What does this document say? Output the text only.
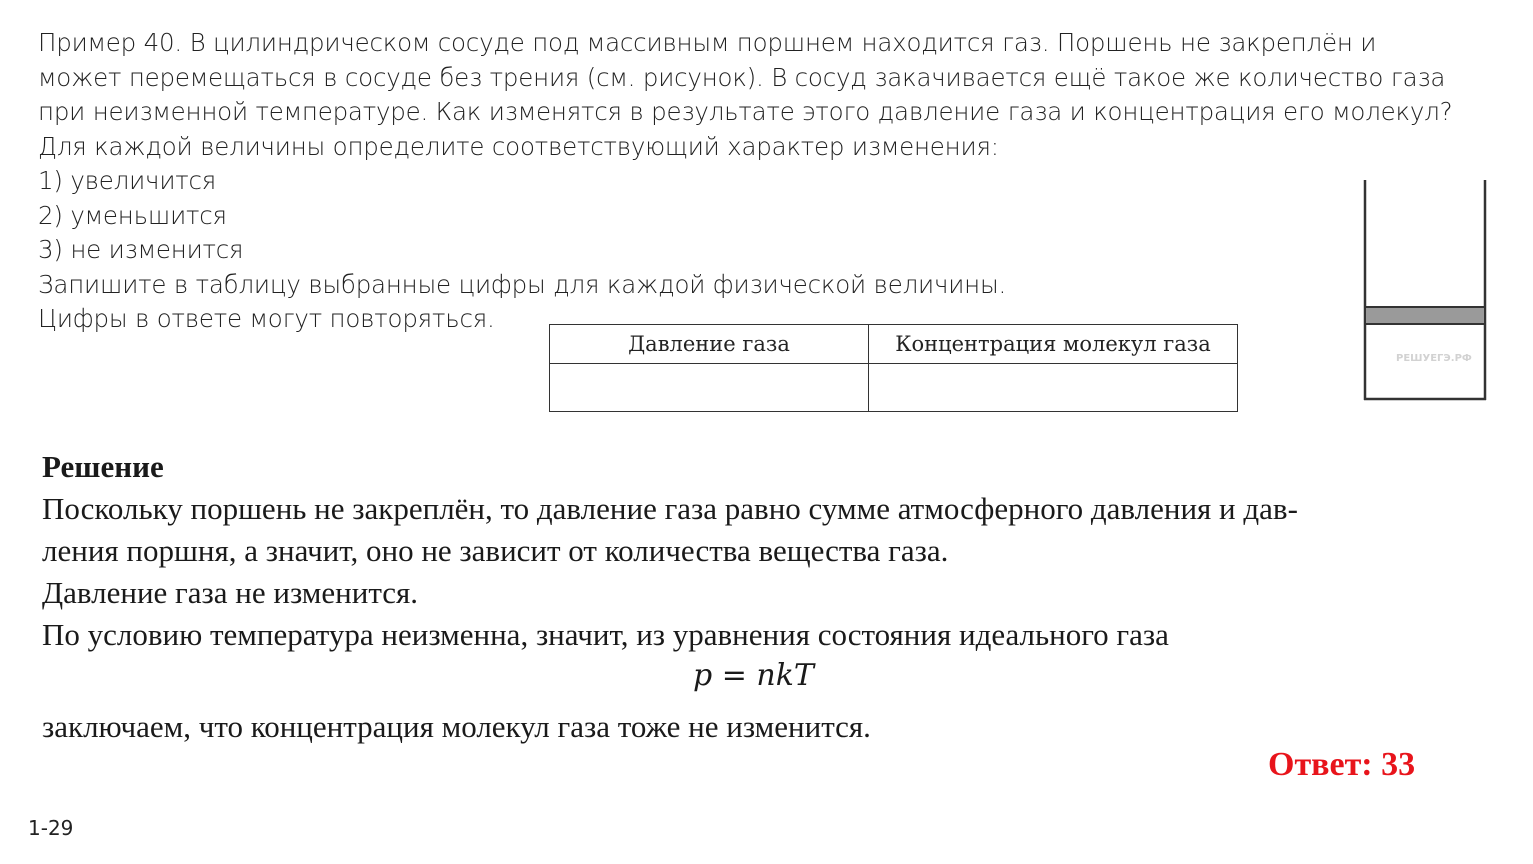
Пример 40. В цилиндрическом сосуде под массивным поршнем находится газ. Поршень не закреплён и
может перемещаться в сосуде без трения (см. рисунок). В сосуд закачивается ещё такое же количество газа
при неизменной температуре. Как изменятся в результате этого давление газа и концентрация его молекул?
Для каждой величины определите соответствующий характер изменения:
1) увеличится
2) уменьшится
3) не изменится
Запишите в таблицу выбранные цифры для каждой физической величины.
Цифры в ответе могут повторяться.
Давление газа	Концентрация молекул газа

РЕШУЕГЭ.РФ
Решение
Поскольку поршень не закреплён, то давление газа равно сумме атмосферного давления и дав-
ления поршня, а значит, оно не зависит от количества вещества газа.
Давление газа не изменится.
По условию температура неизменна, значит, из уравнения состояния идеального газа
p = nkT
заключаем, что концентрация молекул газа тоже не изменится.
Ответ: 33
1-29
